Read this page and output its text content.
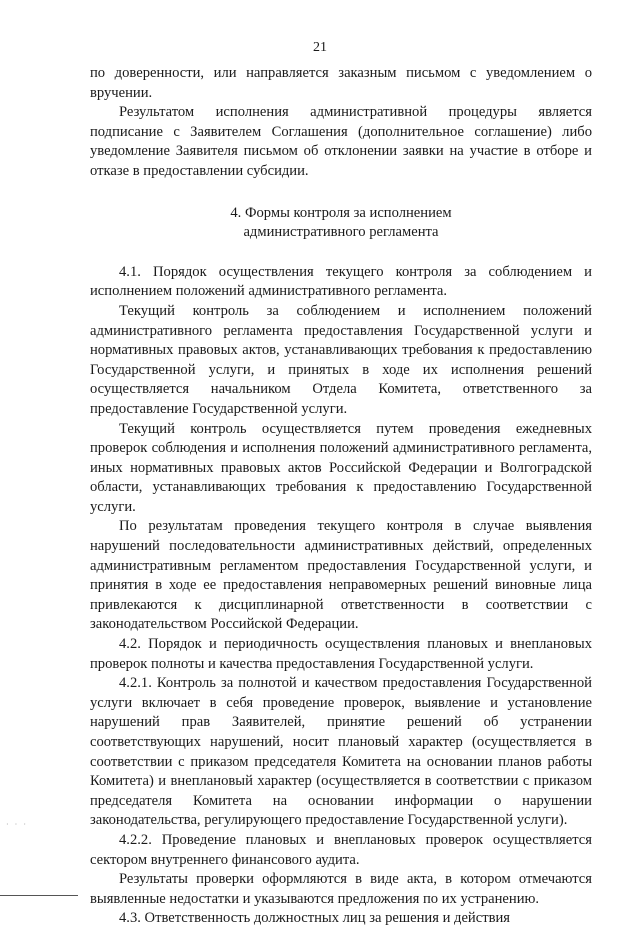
21

по доверенности, или направляется заказным письмом с уведомлением о вручении.

Результатом исполнения административной процедуры является подписание с Заявителем Соглашения (дополнительное соглашение) либо уведомление Заявителя письмом об отклонении заявки на участие в отборе и отказе в предоставлении субсидии.

4. Формы контроля за исполнением
административного регламента

4.1. Порядок осуществления текущего контроля за соблюдением и исполнением положений административного регламента.

Текущий контроль за соблюдением и исполнением положений административного регламента предоставления Государственной услуги и нормативных правовых актов, устанавливающих требования к предоставлению Государственной услуги, и принятых в ходе их исполнения решений осуществляется начальником Отдела Комитета, ответственного за предоставление Государственной услуги.

Текущий контроль осуществляется путем проведения ежедневных проверок соблюдения и исполнения положений административного регламента, иных нормативных правовых актов Российской Федерации и Волгоградской области, устанавливающих требования к предоставлению Государственной услуги.

По результатам проведения текущего контроля в случае выявления нарушений последовательности административных действий, определенных административным регламентом предоставления Государственной услуги, и принятия в ходе ее предоставления неправомерных решений виновные лица привлекаются к дисциплинарной ответственности в соответствии с законодательством Российской Федерации.

4.2. Порядок и периодичность осуществления плановых и внеплановых проверок полноты и качества предоставления Государственной услуги.

4.2.1. Контроль за полнотой и качеством предоставления Государственной услуги включает в себя проведение проверок, выявление и установление нарушений прав Заявителей, принятие решений об устранении соответствующих нарушений, носит плановый характер (осуществляется в соответствии с приказом председателя Комитета на основании планов работы Комитета) и внеплановый характер (осуществляется в соответствии с приказом председателя Комитета на основании информации о нарушении законодательства, регулирующего предоставление Государственной услуги).

4.2.2. Проведение плановых и внеплановых проверок осуществляется сектором внутреннего финансового аудита.

Результаты проверки оформляются в виде акта, в котором отмечаются выявленные недостатки и указываются предложения по их устранению.

4.3. Ответственность должностных лиц за решения и действия

· · ·
